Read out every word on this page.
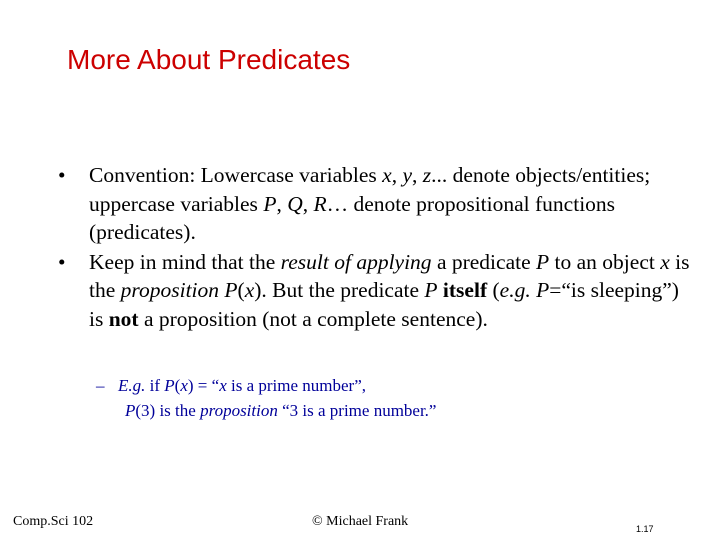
More About Predicates
• Convention: Lowercase variables x, y, z... denote objects/entities; uppercase variables P, Q, R… denote propositional functions (predicates).
• Keep in mind that the result of applying a predicate P to an object x is the proposition P(x). But the predicate P itself (e.g. P=“is sleeping”) is not a proposition (not a complete sentence).
– E.g. if P(x) = “x is a prime number”,
P(3) is the proposition “3 is a prime number.”
Comp.Sci 102	© Michael Frank	1.17
